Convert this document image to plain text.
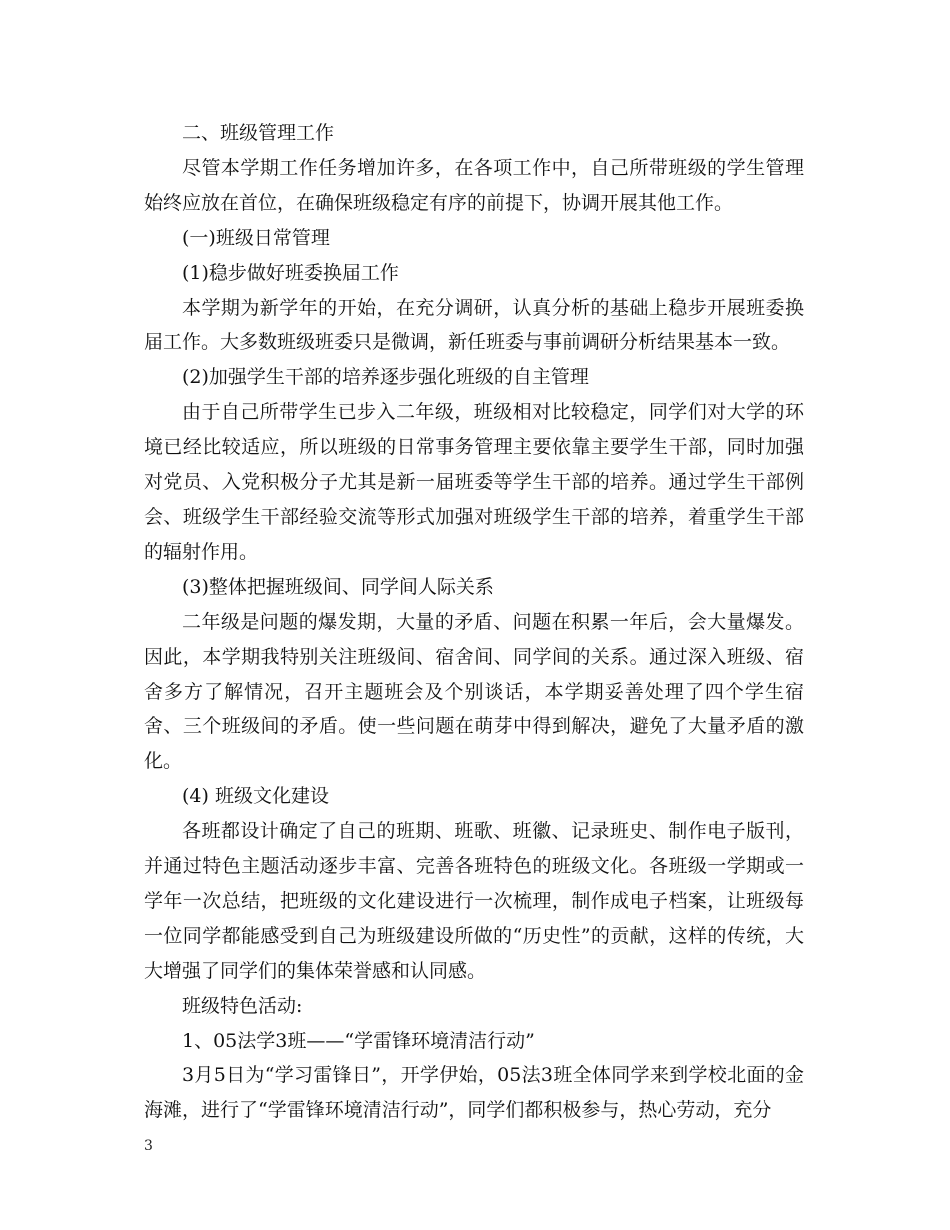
二、班级管理工作

尽管本学期工作任务增加许多，在各项工作中，自己所带班级的学生管理始终应放在首位，在确保班级稳定有序的前提下，协调开展其他工作。

(一)班级日常管理

(1)稳步做好班委换届工作

本学期为新学年的开始，在充分调研，认真分析的基础上稳步开展班委换届工作。大多数班级班委只是微调，新任班委与事前调研分析结果基本一致。

(2)加强学生干部的培养逐步强化班级的自主管理

由于自己所带学生已步入二年级，班级相对比较稳定，同学们对大学的环境已经比较适应，所以班级的日常事务管理主要依靠主要学生干部，同时加强对党员、入党积极分子尤其是新一届班委等学生干部的培养。通过学生干部例会、班级学生干部经验交流等形式加强对班级学生干部的培养，着重学生干部的辐射作用。

(3)整体把握班级间、同学间人际关系

二年级是问题的爆发期，大量的矛盾、问题在积累一年后，会大量爆发。因此，本学期我特别关注班级间、宿舍间、同学间的关系。通过深入班级、宿舍多方了解情况，召开主题班会及个别谈话，本学期妥善处理了四个学生宿舍、三个班级间的矛盾。使一些问题在萌芽中得到解决，避免了大量矛盾的激化。

(4) 班级文化建设

各班都设计确定了自己的班期、班歌、班徽、记录班史、制作电子版刊，并通过特色主题活动逐步丰富、完善各班特色的班级文化。各班级一学期或一学年一次总结，把班级的文化建设进行一次梳理，制作成电子档案，让班级每一位同学都能感受到自己为班级建设所做的“历史性”的贡献，这样的传统，大大增强了同学们的集体荣誉感和认同感。

班级特色活动:

1、05法学3班——“学雷锋环境清洁行动”

3月5日为“学习雷锋日”，开学伊始，05法3班全体同学来到学校北面的金海滩，进行了“学雷锋环境清洁行动”，同学们都积极参与，热心劳动，充分

3
